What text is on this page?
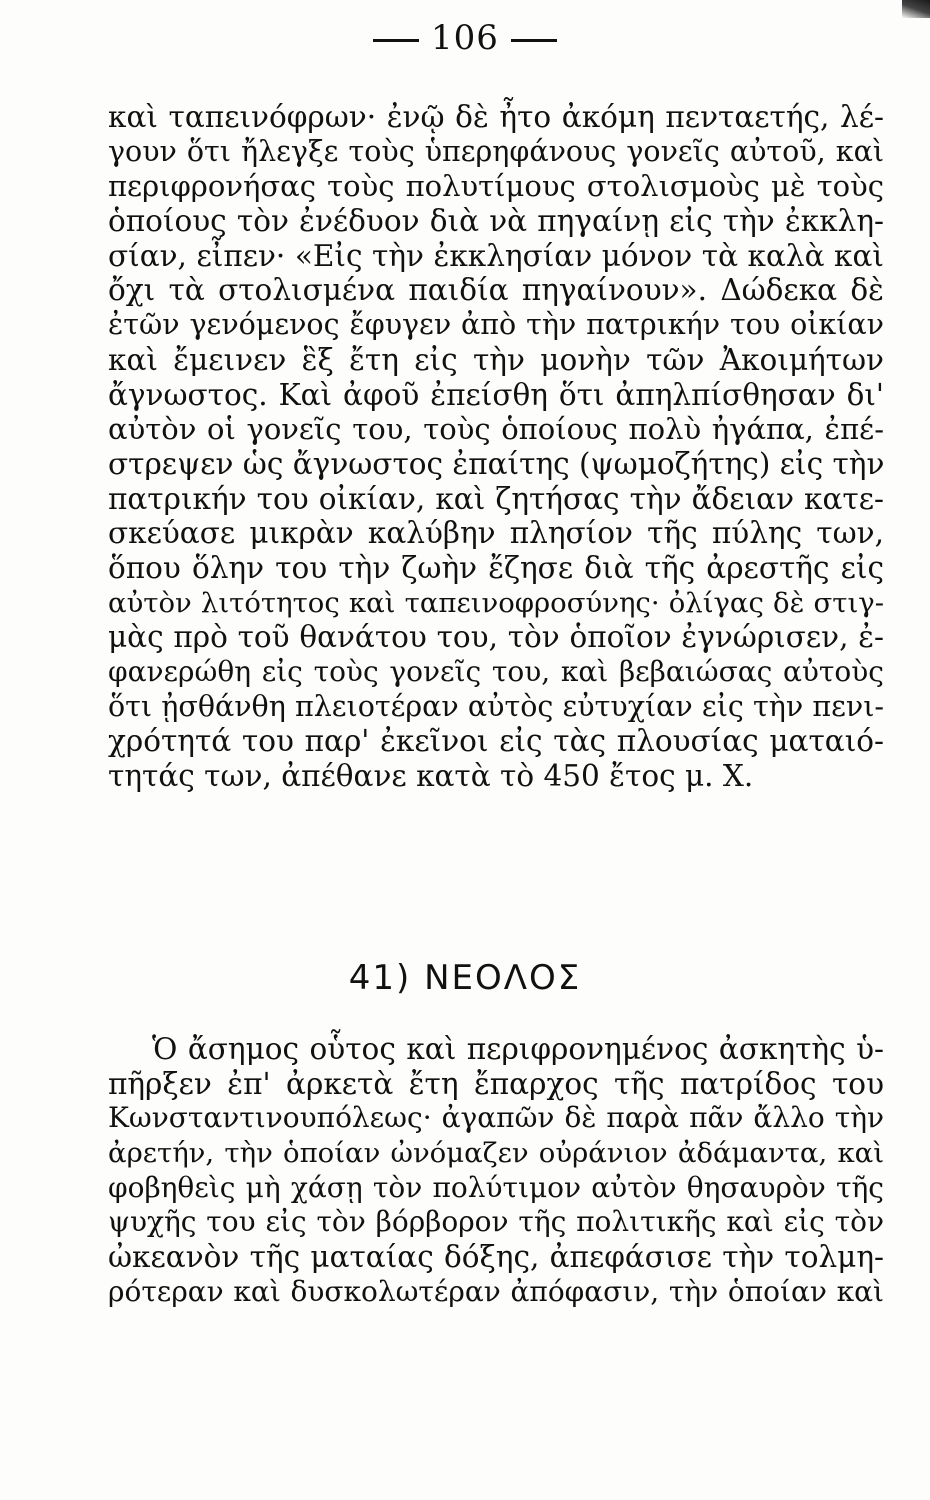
106
καὶ ταπεινόφρων· ἐνῷ δὲ ἦτο ἀκόμη πενταετής, λέ-
γουν ὅτι ἤλεγξε τοὺς ὑπερηφάνους γονεῖς αὐτοῦ, καὶ
περιφρονήσας τοὺς πολυτίμους στολισμοὺς μὲ τοὺς
ὁποίους τὸν ἐνέδυον διὰ νὰ πηγαίνῃ εἰς τὴν ἐκκλη-
σίαν, εἶπεν· «Εἰς τὴν ἐκκλησίαν μόνον τὰ καλὰ καὶ
ὄχι τὰ στολισμένα παιδία πηγαίνουν». Δώδεκα δὲ
ἐτῶν γενόμενος ἔφυγεν ἀπὸ τὴν πατρικήν του οἰκίαν
καὶ ἔμεινεν ἓξ ἔτη εἰς τὴν μονὴν τῶν Ἀκοιμήτων
ἄγνωστος. Καὶ ἀφοῦ ἐπείσθη ὅτι ἀπηλπίσθησαν δι'
αὐτὸν οἱ γονεῖς του, τοὺς ὁποίους πολὺ ἠγάπα, ἐπέ-
στρεψεν ὡς ἄγνωστος ἐπαίτης (ψωμοζήτης) εἰς τὴν
πατρικήν του οἰκίαν, καὶ ζητήσας τὴν ἄδειαν κατε-
σκεύασε μικρὰν καλύβην πλησίον τῆς πύλης των,
ὅπου ὅλην του τὴν ζωὴν ἔζησε διὰ τῆς ἀρεστῆς εἰς
αὐτὸν λιτότητος καὶ ταπεινοφροσύνης· ὀλίγας δὲ στιγ-
μὰς πρὸ τοῦ θανάτου του, τὸν ὁποῖον ἐγνώρισεν, ἐ-
φανερώθη εἰς τοὺς γονεῖς του, καὶ βεβαιώσας αὐτοὺς
ὅτι ᾐσθάνθη πλειοτέραν αὐτὸς εὐτυχίαν εἰς τὴν πενι-
χρότητά του παρ' ἐκεῖνοι εἰς τὰς πλουσίας ματαιό-
τητάς των, ἀπέθανε κατὰ τὸ 450 ἔτος μ. Χ.
41) ΝΕΟΛΟΣ
Ὁ ἄσημος οὗτος καὶ περιφρονημένος ἀσκητὴς ὑ-
πῆρξεν ἐπ' ἀρκετὰ ἔτη ἔπαρχος τῆς πατρίδος του
Κωνσταντινουπόλεως· ἀγαπῶν δὲ παρὰ πᾶν ἄλλο τὴν
ἀρετήν, τὴν ὁποίαν ὠνόμαζεν οὐράνιον ἀδάμαντα, καὶ
φοβηθεὶς μὴ χάσῃ τὸν πολύτιμον αὐτὸν θησαυρὸν τῆς
ψυχῆς του εἰς τὸν βόρβορον τῆς πολιτικῆς καὶ εἰς τὸν
ὠκεανὸν τῆς ματαίας δόξης, ἀπεφάσισε τὴν τολμη-
ρότεραν καὶ δυσκολωτέραν ἀπόφασιν, τὴν ὁποίαν καὶ
